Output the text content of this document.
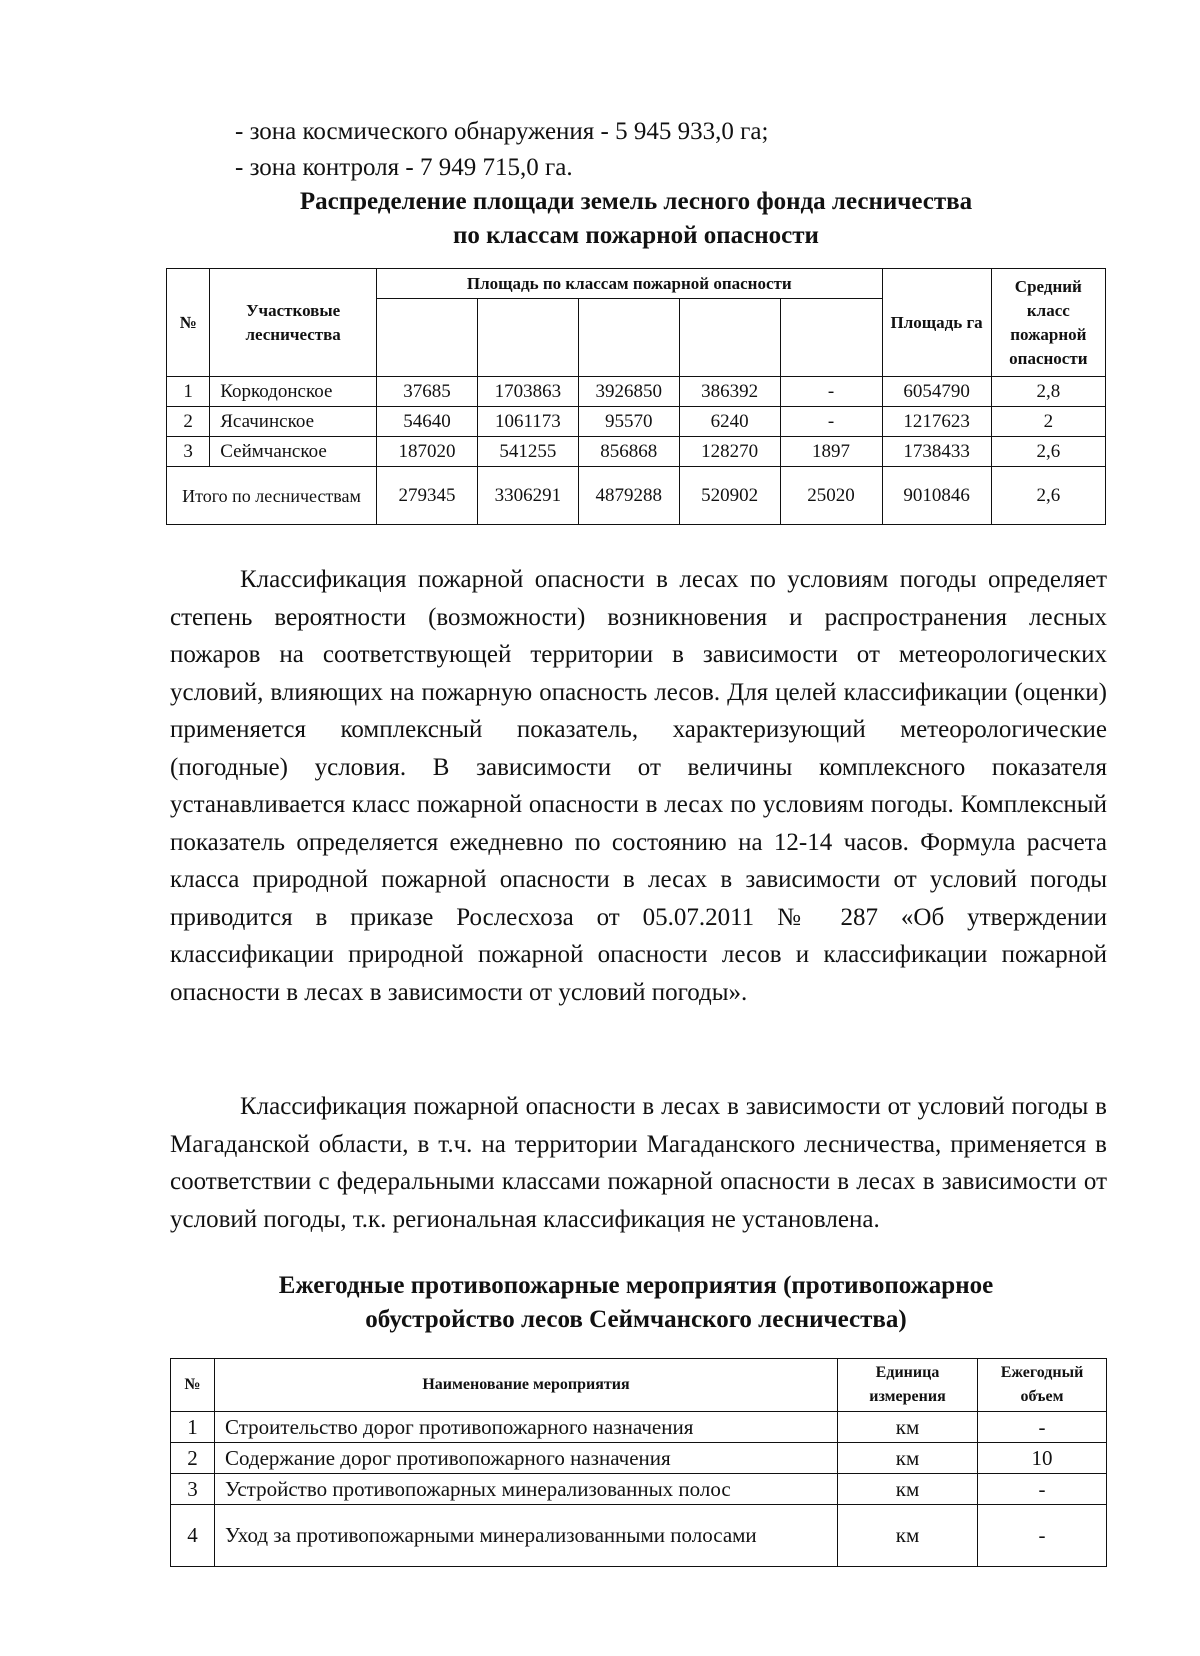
- зона космического обнаружения - 5 945 933,0 га;
- зона контроля - 7 949 715,0 га.
Распределение площади земель лесного фонда лесничества
по классам пожарной опасности
№	Участковые лесничества	Площадь по классам пожарной опасности					Площадь га	Средний класс пожарной опасности

1	Коркодонское	37685	1703863	3926850	386392	-	6054790	2,8
2	Ясачинское	54640	1061173	95570	6240	-	1217623	2
3	Сеймчанское	187020	541255	856868	128270	1897	1738433	2,6
Итого по лесничествам		279345	3306291	4879288	520902	25020	9010846	2,6
Классификация пожарной опасности в лесах по условиям погоды определяет степень вероятности (возможности) возникновения и распространения лесных пожаров на соответствующей территории в зависимости от метеорологических условий, влияющих на пожарную опасность лесов. Для целей классификации (оценки) применяется комплексный показатель, характеризующий метеорологические (погодные) условия. В зависимости от величины комплексного показателя устанавливается класс пожарной опасности в лесах по условиям погоды. Комплексный показатель определяется ежедневно по состоянию на 12-14 часов. Формула расчета класса природной пожарной опасности в лесах в зависимости от условий погоды приводится в приказе Рослесхоза от 05.07.2011 № 287 «Об утверждении классификации природной пожарной опасности лесов и классификации пожарной опасности в лесах в зависимости от условий погоды».
Классификация пожарной опасности в лесах в зависимости от условий погоды в Магаданской области, в т.ч. на территории Магаданского лесничества, применяется в соответствии с федеральными классами пожарной опасности в лесах в зависимости от условий погоды, т.к. региональная классификация не установлена.
Ежегодные противопожарные мероприятия (противопожарное
обустройство лесов Сеймчанского лесничества)
№	Наименование мероприятия	Единица измерения	Ежегодный объем
1	Строительство дорог противопожарного назначения	км	-
2	Содержание дорог противопожарного назначения	км	10
3	Устройство противопожарных минерализованных полос	км	-
4	Уход за противопожарными минерализованными полосами	км	-
